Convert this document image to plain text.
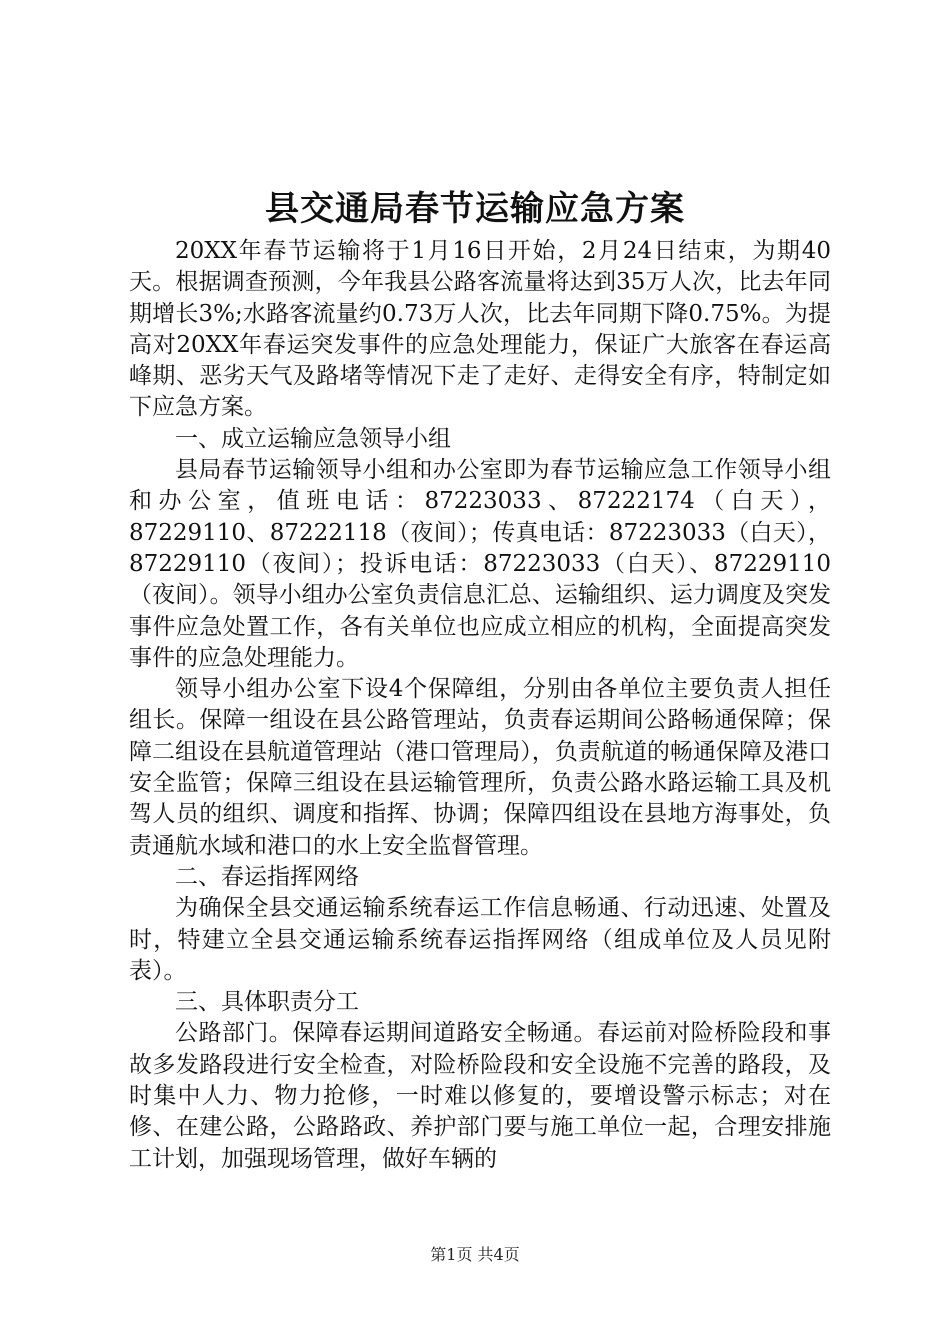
县交通局春节运输应急方案

20XX年春节运输将于1月16日开始，2月24日结束，为期40天。根据调查预测，今年我县公路客流量将达到35万人次，比去年同期增长3%;水路客流量约0.73万人次，比去年同期下降0.75%。为提高对20XX年春运突发事件的应急处理能力，保证广大旅客在春运高峰期、恶劣天气及路堵等情况下走了走好、走得安全有序，特制定如下应急方案。

一、成立运输应急领导小组

县局春节运输领导小组和办公室即为春节运输应急工作领导小组和办公室，值班电话：87223033、87222174（白天），87229110、87222118（夜间）；传真电话：87223033（白天），87229110（夜间）；投诉电话：87223033（白天）、87229110（夜间）。领导小组办公室负责信息汇总、运输组织、运力调度及突发事件应急处置工作，各有关单位也应成立相应的机构，全面提高突发事件的应急处理能力。

领导小组办公室下设4个保障组，分别由各单位主要负责人担任组长。保障一组设在县公路管理站，负责春运期间公路畅通保障；保障二组设在县航道管理站（港口管理局），负责航道的畅通保障及港口安全监管；保障三组设在县运输管理所，负责公路水路运输工具及机驾人员的组织、调度和指挥、协调；保障四组设在县地方海事处，负责通航水域和港口的水上安全监督管理。

二、春运指挥网络

为确保全县交通运输系统春运工作信息畅通、行动迅速、处置及时，特建立全县交通运输系统春运指挥网络（组成单位及人员见附表）。

三、具体职责分工

公路部门。保障春运期间道路安全畅通。春运前对险桥险段和事故多发路段进行安全检查，对险桥险段和安全设施不完善的路段，及时集中人力、物力抢修，一时难以修复的，要增设警示标志；对在修、在建公路，公路路政、养护部门要与施工单位一起，合理安排施工计划，加强现场管理，做好车辆的

第1页 共4页
